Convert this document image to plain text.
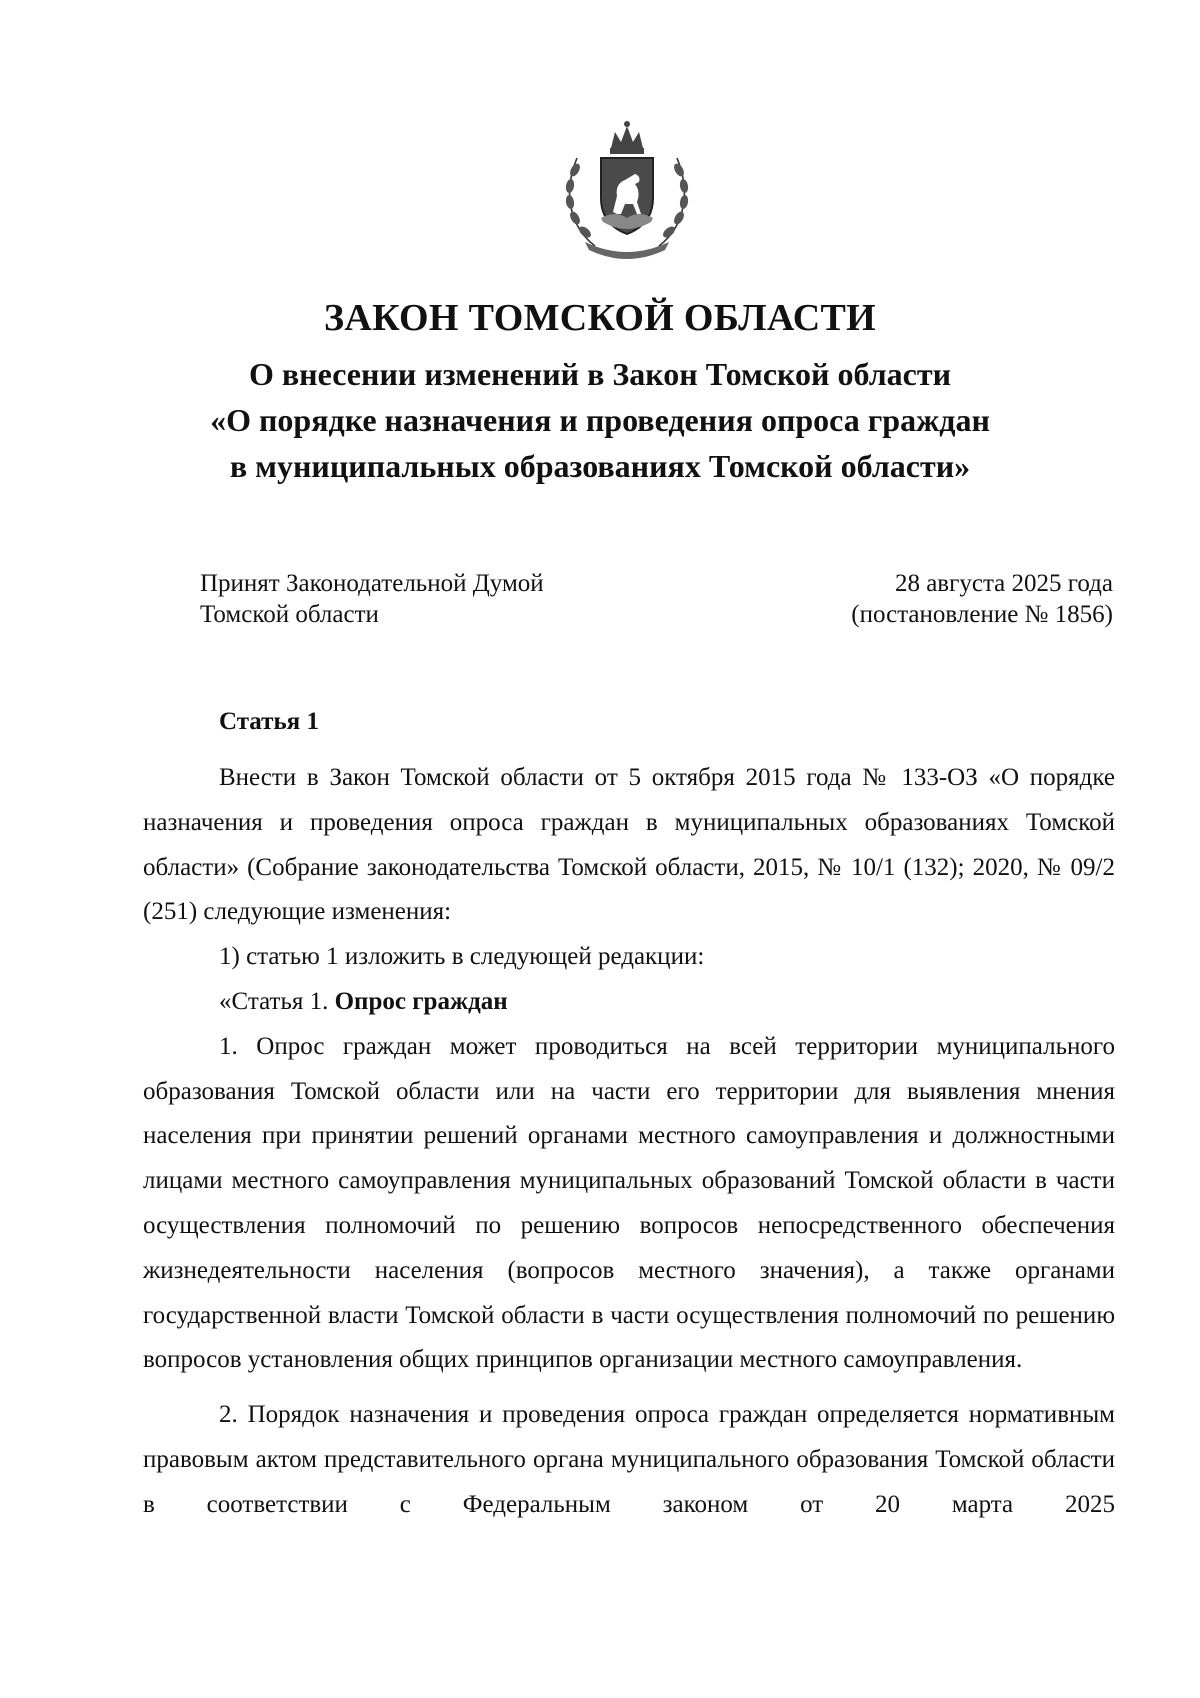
ЗАКОН ТОМСКОЙ ОБЛАСТИ
О внесении изменений в Закон Томской области
«О порядке назначения и проведения опроса граждан
в муниципальных образованиях Томской области»
Принят Законодательной Думой
Томской области
28 августа 2025 года
(постановление № 1856)
Статья 1

Внести в Закон Томской области от 5 октября 2015 года № 133-ОЗ «О порядке назначения и проведения опроса граждан в муниципальных образованиях Томской области» (Собрание законодательства Томской области, 2015, № 10/1 (132); 2020, № 09/2 (251) следующие изменения:

1) статью 1 изложить в следующей редакции:

«Статья 1. Опрос граждан

1. Опрос граждан может проводиться на всей территории муниципального образования Томской области или на части его территории для выявления мнения населения при принятии решений органами местного самоуправления и должностными лицами местного самоуправления муниципальных образований Томской области в части осуществления полномочий по решению вопросов непосредственного обеспечения жизнедеятельности населения (вопросов местного значения), а также органами государственной власти Томской области в части осуществления полномочий по решению вопросов установления общих принципов организации местного самоуправления.

2. Порядок назначения и проведения опроса граждан определяется нормативным правовым актом представительного органа муниципального образования Томской области в соответствии с Федеральным законом от 20 марта 2025
